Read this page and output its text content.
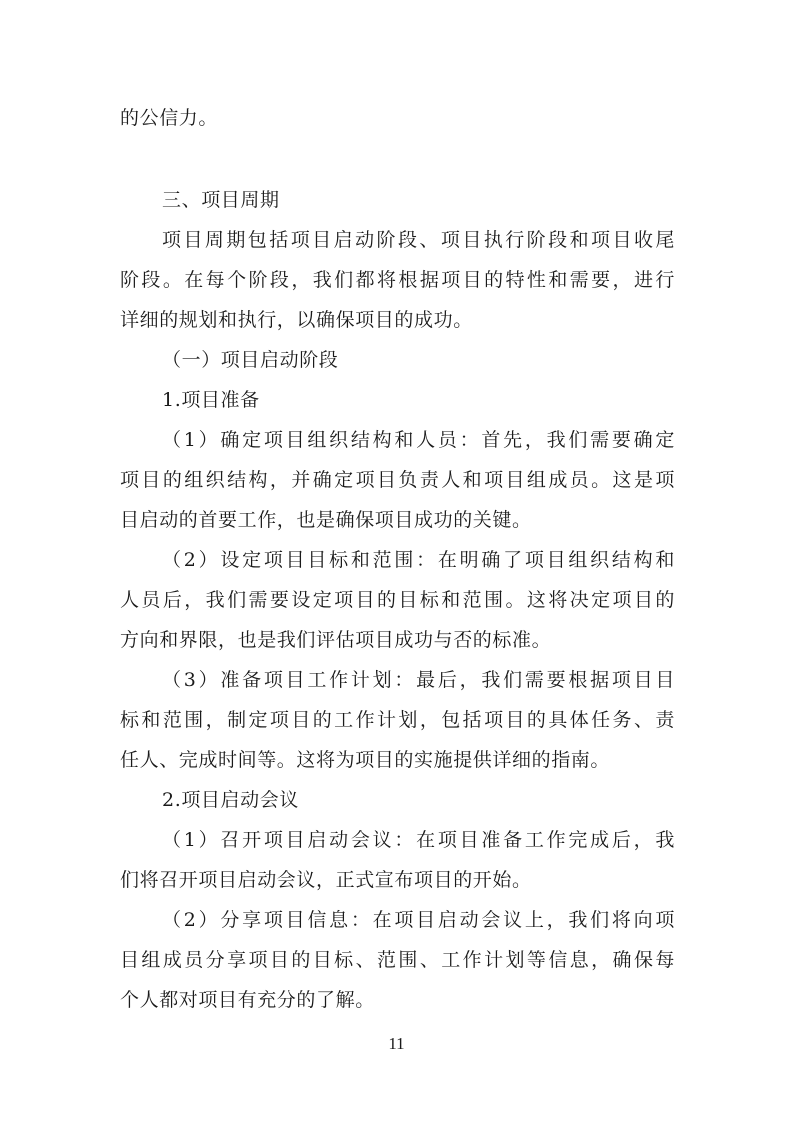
的公信力。
三、项目周期
项目周期包括项目启动阶段、项目执行阶段和项目收尾
阶段。在每个阶段，我们都将根据项目的特性和需要，进行
详细的规划和执行，以确保项目的成功。
（一）项目启动阶段
1.项目准备
（1）确定项目组织结构和人员：首先，我们需要确定
项目的组织结构，并确定项目负责人和项目组成员。这是项
目启动的首要工作，也是确保项目成功的关键。
（2）设定项目目标和范围：在明确了项目组织结构和
人员后，我们需要设定项目的目标和范围。这将决定项目的
方向和界限，也是我们评估项目成功与否的标准。
（3）准备项目工作计划：最后，我们需要根据项目目
标和范围，制定项目的工作计划，包括项目的具体任务、责
任人、完成时间等。这将为项目的实施提供详细的指南。
2.项目启动会议
（1）召开项目启动会议：在项目准备工作完成后，我
们将召开项目启动会议，正式宣布项目的开始。
（2）分享项目信息：在项目启动会议上，我们将向项
目组成员分享项目的目标、范围、工作计划等信息，确保每
个人都对项目有充分的了解。
11
